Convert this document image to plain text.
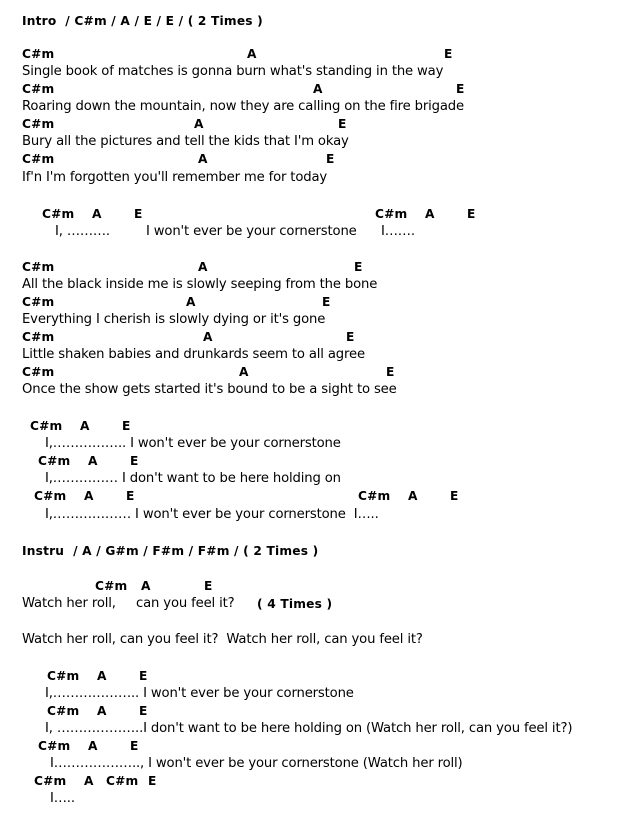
Intro  / C#m / A / E / E / ( 2 Times )
C#m	A	E
Single book of matches is gonna burn what's standing in the way
C#m	A	E
Roaring down the mountain, now they are calling on the fire brigade
C#m	A	E
Bury all the pictures and tell the kids that I'm okay
C#m	A	E
If'n I'm forgotten you'll remember me for today
C#m A	E	C#m A	E
I, ……….	I won't ever be your cornerstone I…….
C#m	A	E
All the black inside me is slowly seeping from the bone
C#m	A	E
Everything I cherish is slowly dying or it's gone
C#m	A	E
Little shaken babies and drunkards seem to all agree
C#m	A	E
Once the show gets started it's bound to be a sight to see
C#m A	E
I,…………….. I won't ever be your cornerstone
C#m A	E
I,…………… I don't want to be here holding on
C#m A	E	C#m A	E
I,……………… I won't ever be your cornerstone  I…..
Instru  / A / G#m / F#m / F#m / ( 2 Times )
C#m A	E
Watch her roll,     can you feel it? ( 4 Times )
Watch her roll, can you feel it?  Watch her roll, can you feel it?
C#m A	E
I,……………….. I won't ever be your cornerstone
C#m A	E
I, ………………..I don't want to be here holding on (Watch her roll, can you feel it?)
C#m A	E
I……………….., I won't ever be your cornerstone (Watch her roll)
C#m A C#m E
I…..
